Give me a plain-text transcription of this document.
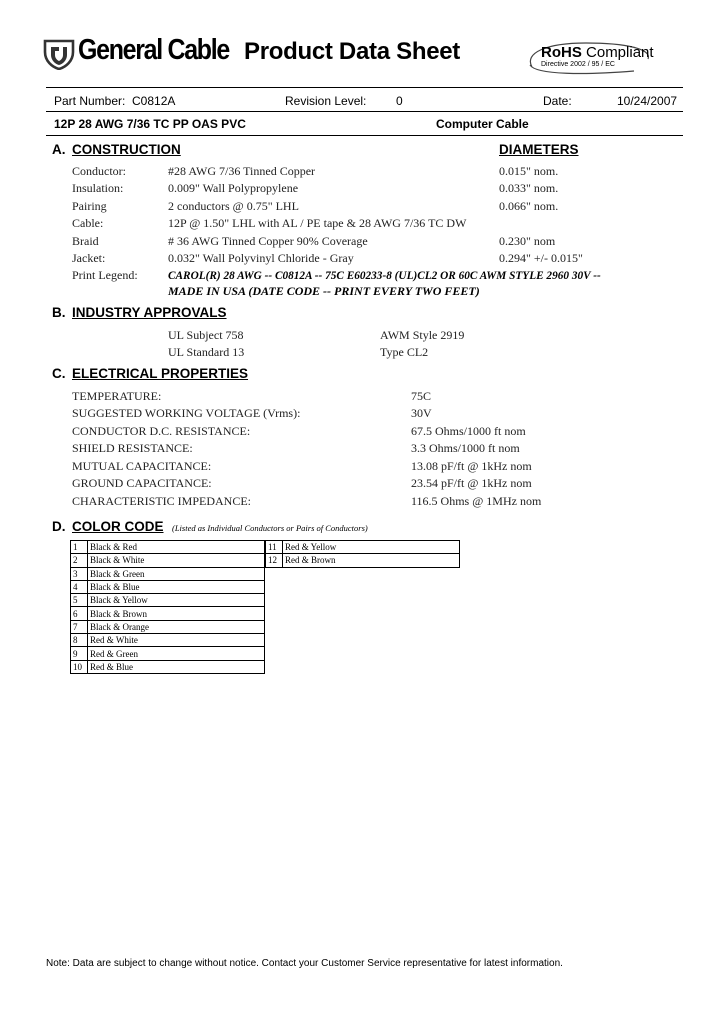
General Cable Product Data Sheet	RoHS Compliant
Directive 2002 / 95 / EC
Part Number: C0812A	Revision Level: 0	Date:	10/24/2007
12P 28 AWG 7/36 TC PP OAS PVC	Computer Cable
A. CONSTRUCTION	DIAMETERS
Conductor:	#28 AWG 7/36 Tinned Copper	0.015" nom.
Insulation:	0.009" Wall Polypropylene	0.033" nom.
Pairing	2 conductors @ 0.75" LHL	0.066" nom.
Cable:	12P @ 1.50" LHL with AL / PE tape & 28 AWG 7/36 TC DW
Braid	# 36 AWG Tinned Copper 90% Coverage	0.230" nom
Jacket:	0.032" Wall Polyvinyl Chloride - Gray	0.294" +/- 0.015"
Print Legend:	CAROL(R) 28 AWG -- C0812A -- 75C E60233-8 (UL)CL2 OR 60C AWM STYLE 2960 30V --
MADE IN USA (DATE CODE -- PRINT EVERY TWO FEET)
B. INDUSTRY APPROVALS
UL Subject 758	AWM Style 2919
UL Standard 13	Type CL2
C. ELECTRICAL PROPERTIES
TEMPERATURE:	75C
SUGGESTED WORKING VOLTAGE (Vrms):	30V
CONDUCTOR D.C. RESISTANCE:	67.5 Ohms/1000 ft nom
SHIELD RESISTANCE:	3.3 Ohms/1000 ft nom
MUTUAL CAPACITANCE:	13.08 pF/ft @ 1kHz nom
GROUND CAPACITANCE:	23.54 pF/ft @ 1kHz nom
CHARACTERISTIC IMPEDANCE:	116.5 Ohms @ 1MHz nom
D. COLOR CODE (Listed as Individual Conductors or Pairs of Conductors)
1	Black & Red
2	Black & White
3	Black & Green
4	Black & Blue
5	Black & Yellow
6	Black & Brown
7	Black & Orange
8	Red & White
9	Red & Green
10	Red & Blue
11	Red & Yellow
12	Red & Brown
Note: Data are subject to change without notice. Contact your Customer Service representative for latest information.
